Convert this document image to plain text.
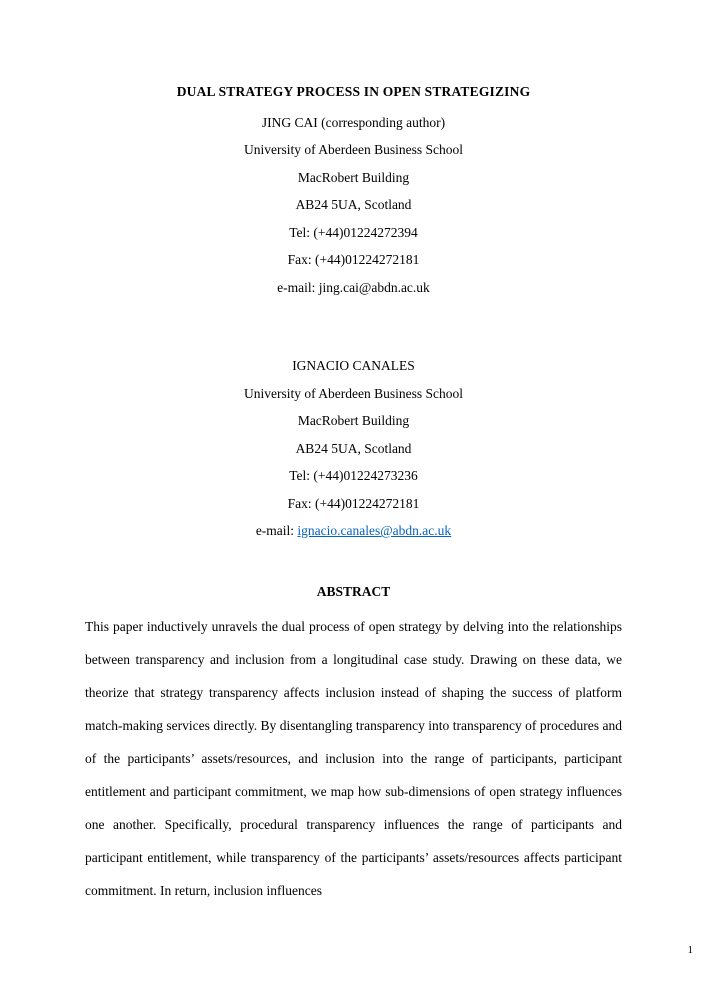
DUAL STRATEGY PROCESS IN OPEN STRATEGIZING
JING CAI (corresponding author)
University of Aberdeen Business School
MacRobert Building
AB24 5UA, Scotland
Tel: (+44)01224272394
Fax: (+44)01224272181
e-mail: jing.cai@abdn.ac.uk
IGNACIO CANALES
University of Aberdeen Business School
MacRobert Building
AB24 5UA, Scotland
Tel: (+44)01224273236
Fax: (+44)01224272181
e-mail: ignacio.canales@abdn.ac.uk
ABSTRACT

This paper inductively unravels the dual process of open strategy by delving into the relationships between transparency and inclusion from a longitudinal case study. Drawing on these data, we theorize that strategy transparency affects inclusion instead of shaping the success of platform match-making services directly. By disentangling transparency into transparency of procedures and of the participants’ assets/resources, and inclusion into the range of participants, participant entitlement and participant commitment, we map how sub-dimensions of open strategy influences one another. Specifically, procedural transparency influences the range of participants and participant entitlement, while transparency of the participants’ assets/resources affects participant commitment. In return, inclusion influences

1
